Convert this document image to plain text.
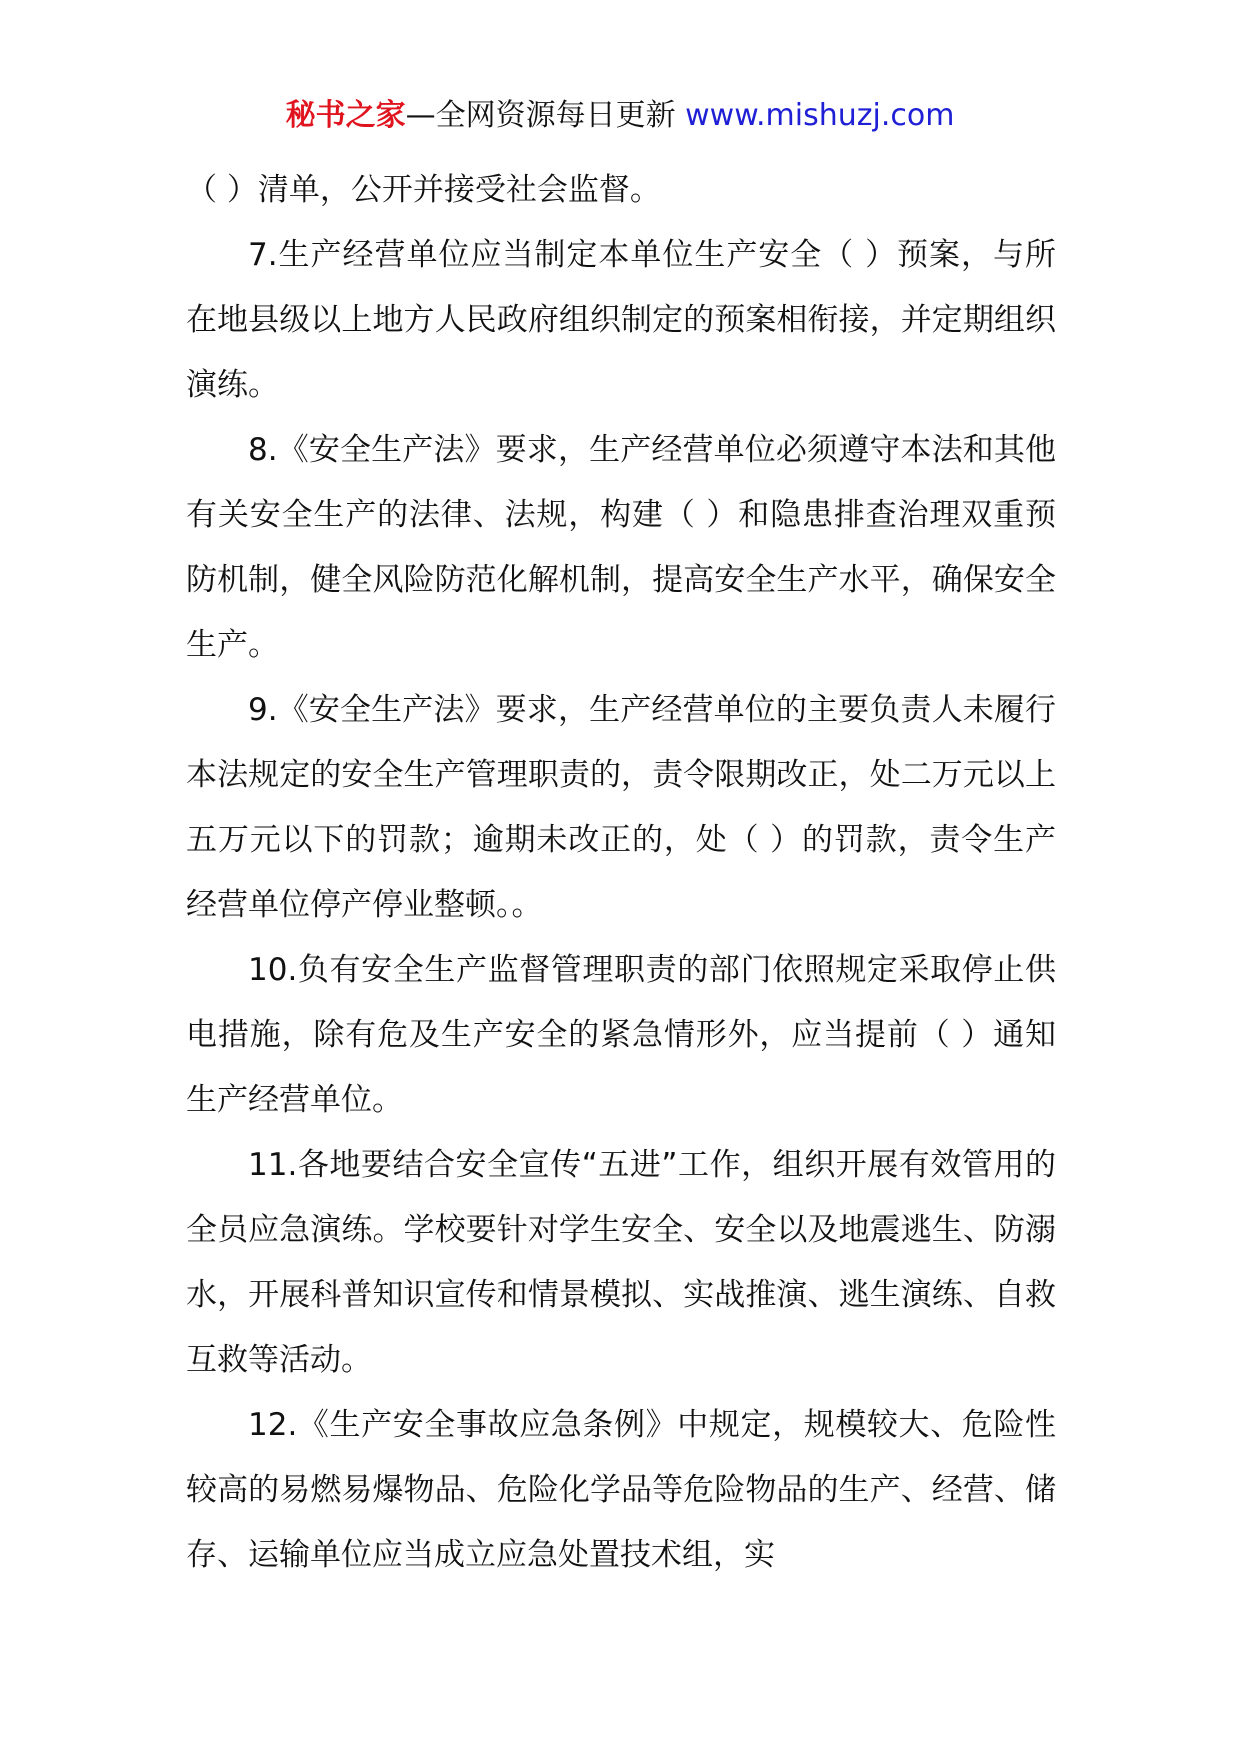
秘书之家—全网资源每日更新 www.mishuzj.com

（ ）清单，公开并接受社会监督。

7.生产经营单位应当制定本单位生产安全（ ）预案，与所在地县级以上地方人民政府组织制定的预案相衔接，并定期组织演练。

8.《安全生产法》要求，生产经营单位必须遵守本法和其他有关安全生产的法律、法规，构建（ ）和隐患排查治理双重预防机制，健全风险防范化解机制，提高安全生产水平，确保安全生产。

9.《安全生产法》要求，生产经营单位的主要负责人未履行本法规定的安全生产管理职责的，责令限期改正，处二万元以上五万元以下的罚款；逾期未改正的，处（ ）的罚款，责令生产经营单位停产停业整顿。。

10.负有安全生产监督管理职责的部门依照规定采取停止供电措施，除有危及生产安全的紧急情形外，应当提前（ ）通知生产经营单位。

11.各地要结合安全宣传“五进”工作，组织开展有效管用的全员应急演练。学校要针对学生安全、安全以及地震逃生、防溺水，开展科普知识宣传和情景模拟、实战推演、逃生演练、自救互救等活动。

12.《生产安全事故应急条例》中规定，规模较大、危险性较高的易燃易爆物品、危险化学品等危险物品的生产、经营、储存、运输单位应当成立应急处置技术组，实
